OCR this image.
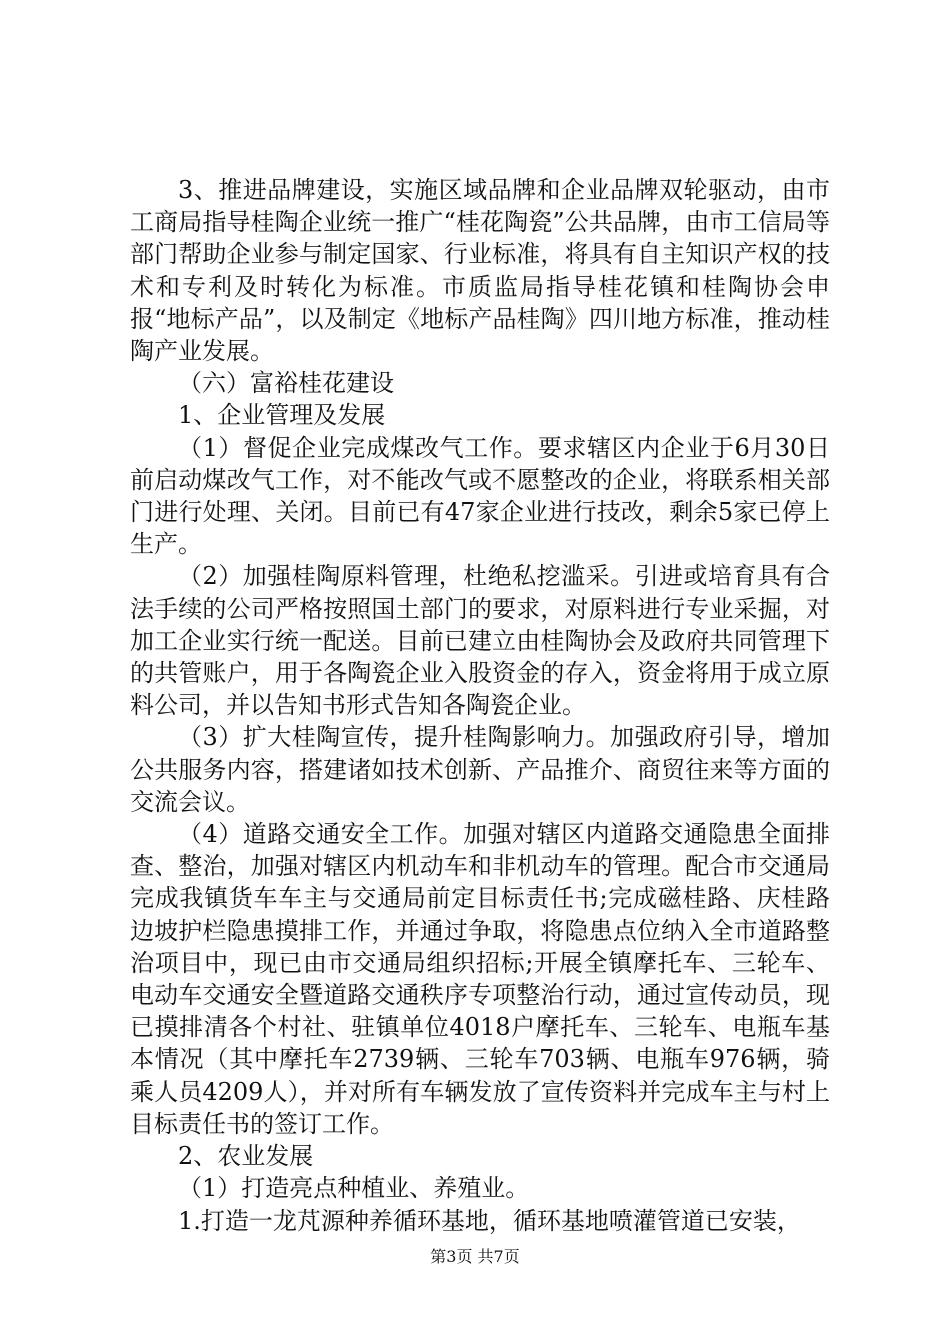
3、推进品牌建设，实施区域品牌和企业品牌双轮驱动，由市工商局指导桂陶企业统一推广“桂花陶瓷”公共品牌，由市工信局等部门帮助企业参与制定国家、行业标准，将具有自主知识产权的技术和专利及时转化为标准。市质监局指导桂花镇和桂陶协会申报“地标产品”，以及制定《地标产品桂陶》四川地方标准，推动桂陶产业发展。

（六）富裕桂花建设

1、企业管理及发展

（1）督促企业完成煤改气工作。要求辖区内企业于6月30日前启动煤改气工作，对不能改气或不愿整改的企业，将联系相关部门进行处理、关闭。目前已有47家企业进行技改，剩余5家已停上生产。

（2）加强桂陶原料管理，杜绝私挖滥采。引进或培育具有合法手续的公司严格按照国土部门的要求，对原料进行专业采掘，对加工企业实行统一配送。目前已建立由桂陶协会及政府共同管理下的共管账户，用于各陶瓷企业入股资金的存入，资金将用于成立原料公司，并以告知书形式告知各陶瓷企业。

（3）扩大桂陶宣传，提升桂陶影响力。加强政府引导，增加公共服务内容，搭建诸如技术创新、产品推介、商贸往来等方面的交流会议。

（4）道路交通安全工作。加强对辖区内道路交通隐患全面排查、整治，加强对辖区内机动车和非机动车的管理。配合市交通局完成我镇货车车主与交通局前定目标责任书;完成磁桂路、庆桂路边坡护栏隐患摸排工作，并通过争取，将隐患点位纳入全市道路整治项目中，现已由市交通局组织招标;开展全镇摩托车、三轮车、电动车交通安全暨道路交通秩序专项整治行动，通过宣传动员，现已摸排清各个村社、驻镇单位4018户摩托车、三轮车、电瓶车基本情况（其中摩托车2739辆、三轮车703辆、电瓶车976辆，骑乘人员4209人），并对所有车辆发放了宣传资料并完成车主与村上目标责任书的签订工作。

2、农业发展

（1）打造亮点种植业、养殖业。

1.打造一龙芃源种养循环基地，循环基地喷灌管道已安装，

第3页 共7页
